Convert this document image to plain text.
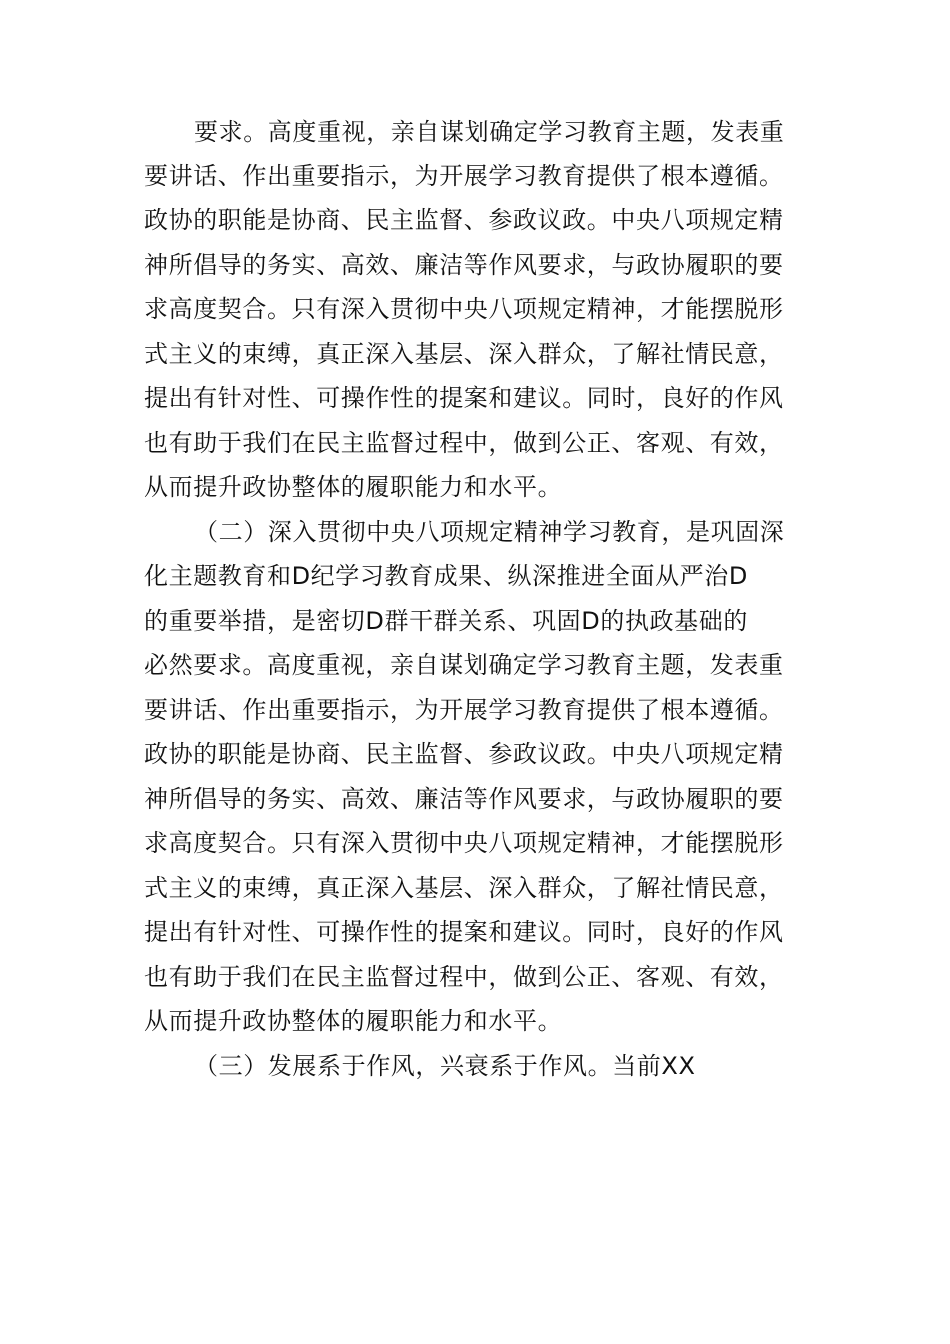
要求。高度重视，亲自谋划确定学习教育主题，发表重
要讲话、作出重要指示，为开展学习教育提供了根本遵循。
政协的职能是协商、民主监督、参政议政。中央八项规定精
神所倡导的务实、高效、廉洁等作风要求，与政协履职的要
求高度契合。只有深入贯彻中央八项规定精神，才能摆脱形
式主义的束缚，真正深入基层、深入群众，了解社情民意，
提出有针对性、可操作性的提案和建议。同时，良好的作风
也有助于我们在民主监督过程中，做到公正、客观、有效，
从而提升政协整体的履职能力和水平。
（二）深入贯彻中央八项规定精神学习教育，是巩固深
化主题教育和D纪学习教育成果、纵深推进全面从严治D
的重要举措，是密切D群干群关系、巩固D的执政基础的
必然要求。高度重视，亲自谋划确定学习教育主题，发表重
要讲话、作出重要指示，为开展学习教育提供了根本遵循。
政协的职能是协商、民主监督、参政议政。中央八项规定精
神所倡导的务实、高效、廉洁等作风要求，与政协履职的要
求高度契合。只有深入贯彻中央八项规定精神，才能摆脱形
式主义的束缚，真正深入基层、深入群众，了解社情民意，
提出有针对性、可操作性的提案和建议。同时，良好的作风
也有助于我们在民主监督过程中，做到公正、客观、有效，
从而提升政协整体的履职能力和水平。
（三）发展系于作风，兴衰系于作风。当前XX
